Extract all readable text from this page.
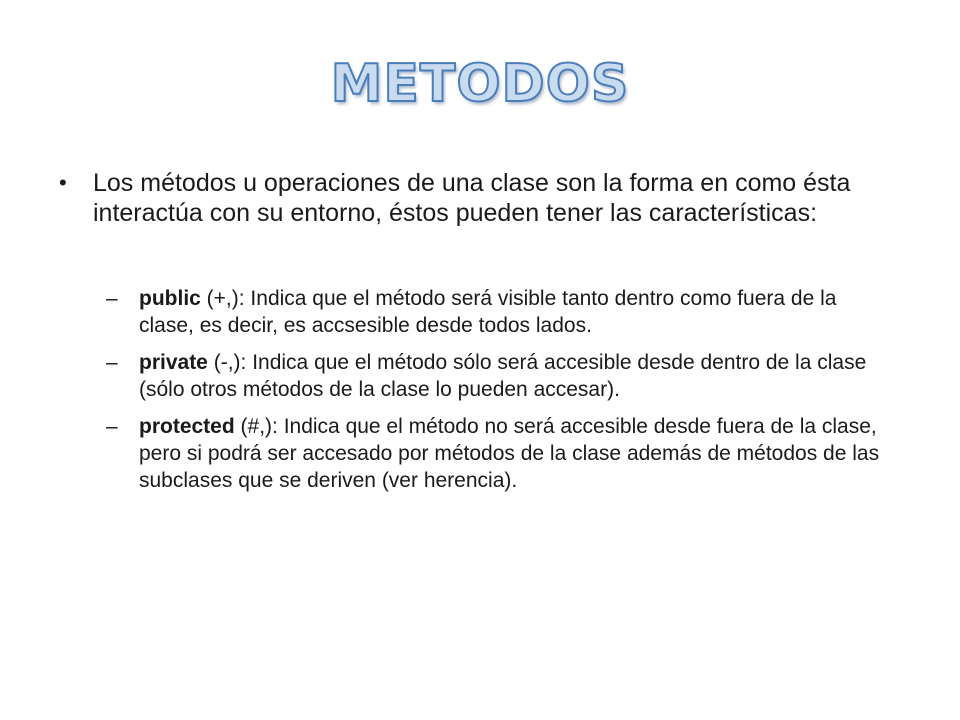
METODOS
• Los métodos u operaciones de una clase son la forma en como ésta interactúa con su entorno, éstos pueden tener las características:
– public (+,): Indica que el método será visible tanto dentro como fuera de la clase, es decir, es accsesible desde todos lados.
– private (-,): Indica que el método sólo será accesible desde dentro de la clase (sólo otros métodos de la clase lo pueden accesar).
– protected (#,): Indica que el método no será accesible desde fuera de la clase, pero si podrá ser accesado por métodos de la clase además de métodos de las subclases que se deriven (ver herencia).
